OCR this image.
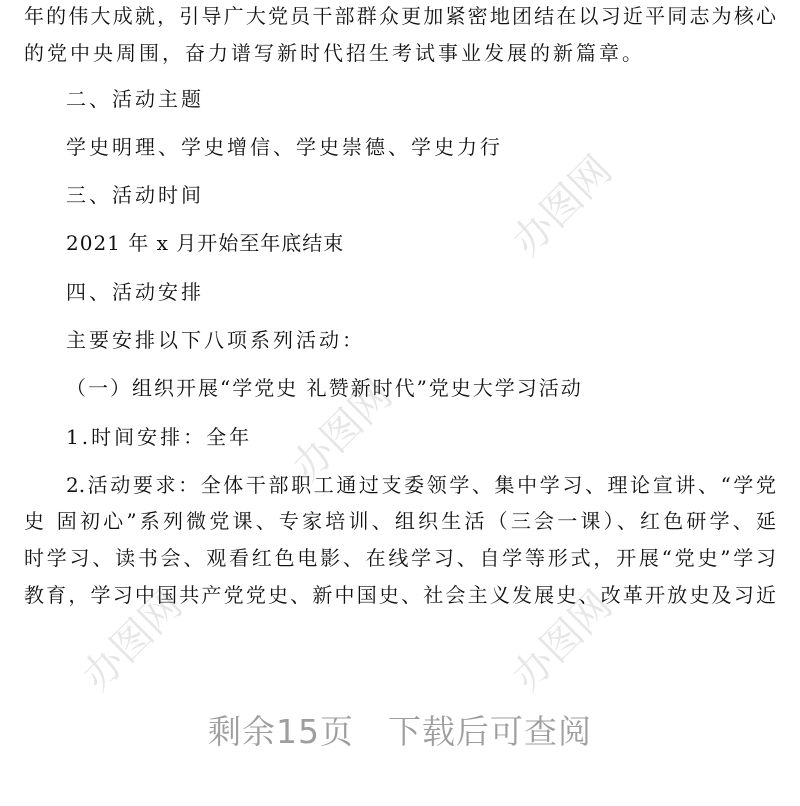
办图网
办图网
办图网
办图网
年的伟大成就，引导广大党员干部群众更加紧密地团结在以习近平同志为核心
的党中央周围，奋力谱写新时代招生考试事业发展的新篇章。
二、活动主题
学史明理、学史增信、学史崇德、学史力行
三、活动时间
2021 年 x 月开始至年底结束
四、活动安排
主要安排以下八项系列活动：
（一）组织开展“学党史 礼赞新时代”党史大学习活动
1.时间安排：全年
2.活动要求：全体干部职工通过支委领学、集中学习、理论宣讲、“学党
史 固初心”系列微党课、专家培训、组织生活（三会一课）、红色研学、延
时学习、读书会、观看红色电影、在线学习、自学等形式，开展“党史”学习
教育，学习中国共产党党史、新中国史、社会主义发展史、改革开放史及习近
剩余15页 下载后可查阅
